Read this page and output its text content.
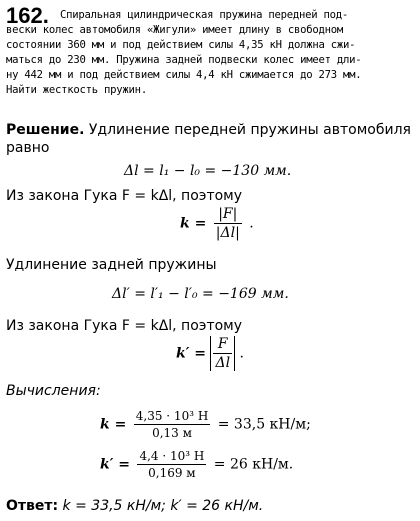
162. Спиральная цилиндрическая пружина передней под-
вески колес автомобиля «Жигули» имеет длину в свободном
состоянии 360 мм и под действием силы 4,35 кН должна сжи-
маться до 230 мм. Пружина задней подвески колес имеет дли-
ну 442 мм и под действием силы 4,4 кН сжимается до 273 мм.
Найти жесткость пружин.
Решение. Удлинение передней пружины автомобиля
равно
Δl = l₁ − l₀ = −130 мм.
Из закона Гука F = kΔl, поэтому
$k = \frac{|F|}{|\Delta l|}$ .
Удлинение задней пружины
Δl′ = l′₁ − l′₀ = −169 мм.
Из закона Гука F = kΔl, поэтому
$k' = \frac{F}{\Delta l}$ .
Вычисления:
$k = \frac{\text{4,35 · 10³ Н}}{0,13 м} = 33,5$ кН/м;
$k' = \frac{\text{4,4 · 10³ Н}}{0,169 м} = 26$ кН/м.
Ответ: k = 33,5 кН/м; k′ = 26 кН/м.
